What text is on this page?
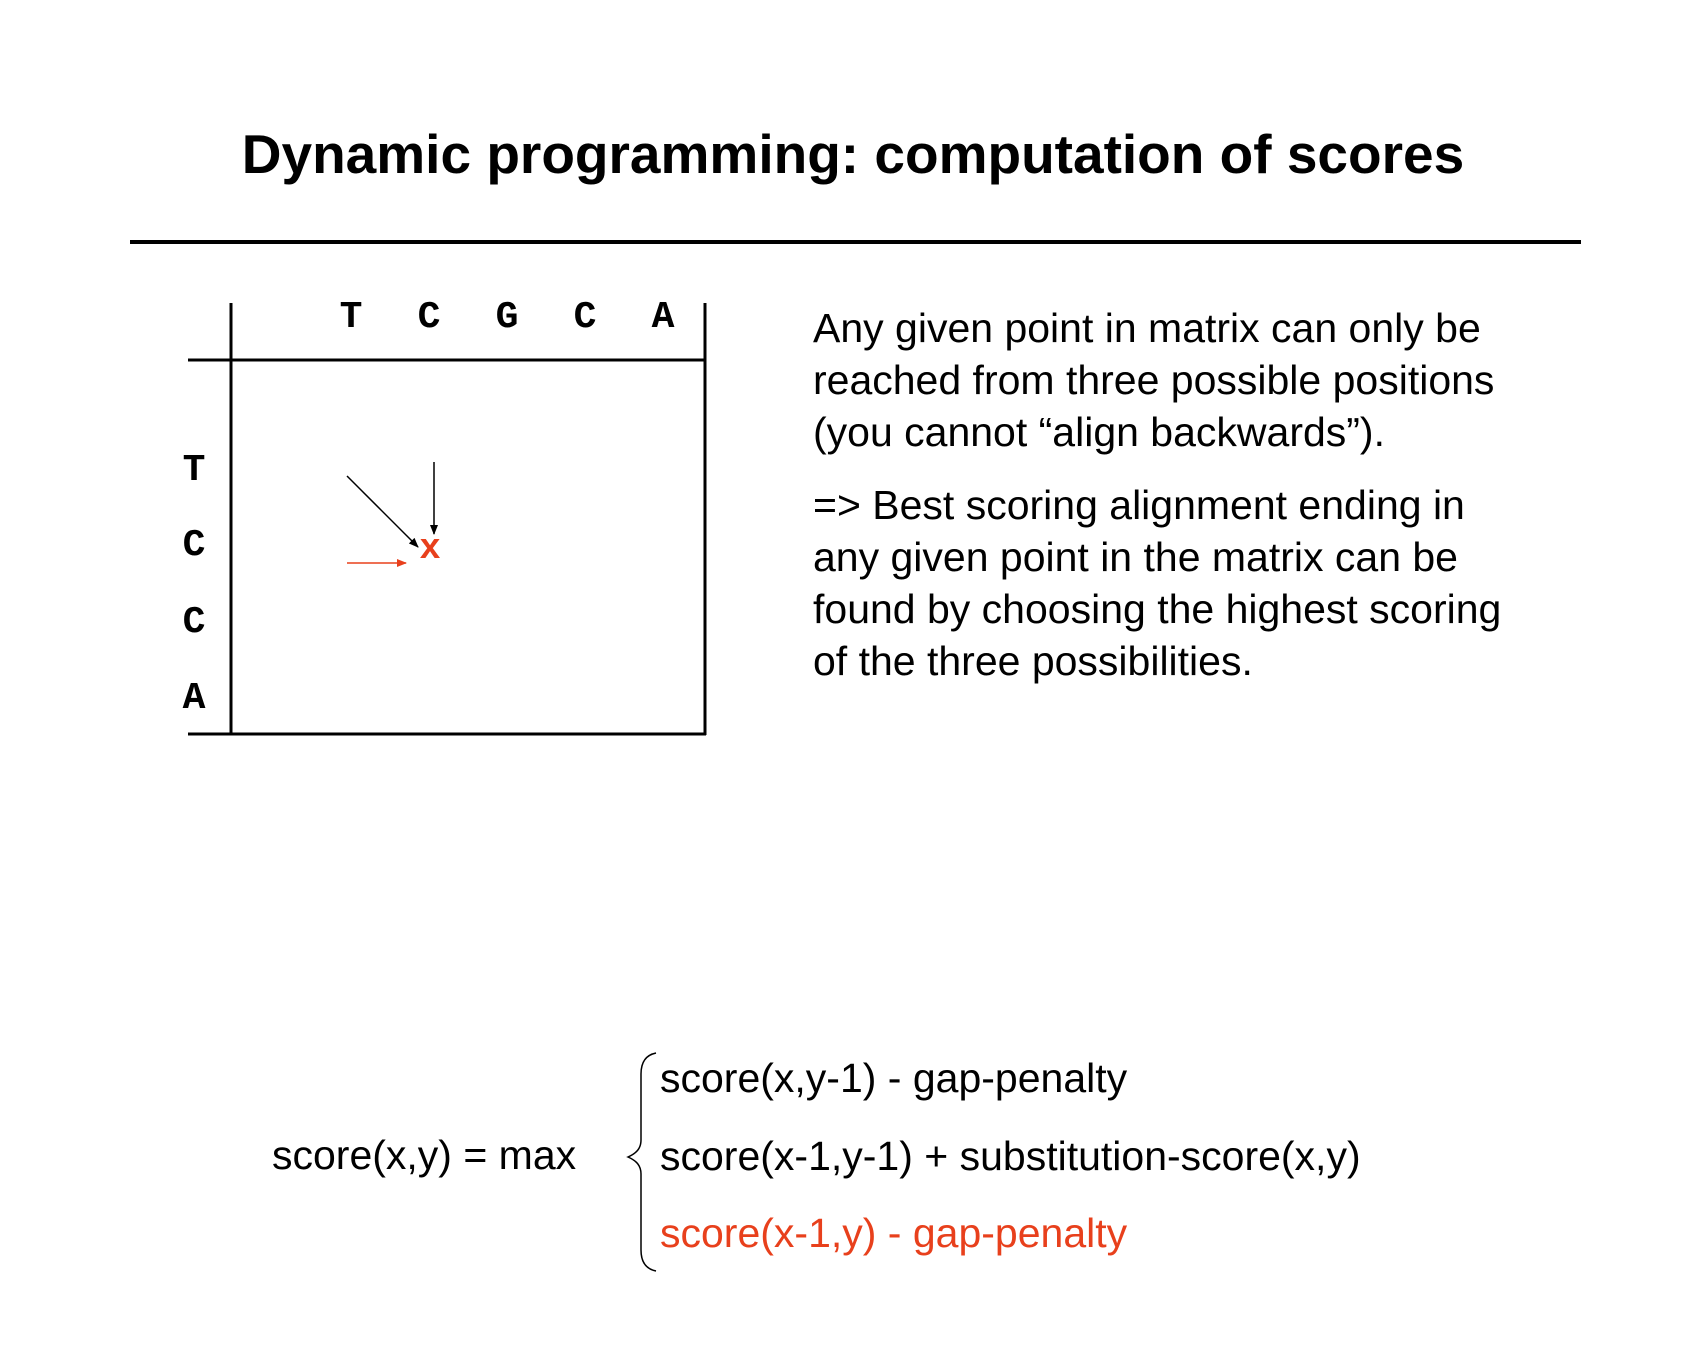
Dynamic programming: computation of scores
T C G C A
T
C
C
A
x

Any given point in matrix can only be
reached from three possible positions
(you cannot “align backwards”).

=> Best scoring alignment ending in
any given point in the matrix can be
found by choosing the highest scoring
of the three possibilities.

score(x,y) = max
score(x,y-1) - gap-penalty
score(x-1,y-1) + substitution-score(x,y)
score(x-1,y) - gap-penalty
